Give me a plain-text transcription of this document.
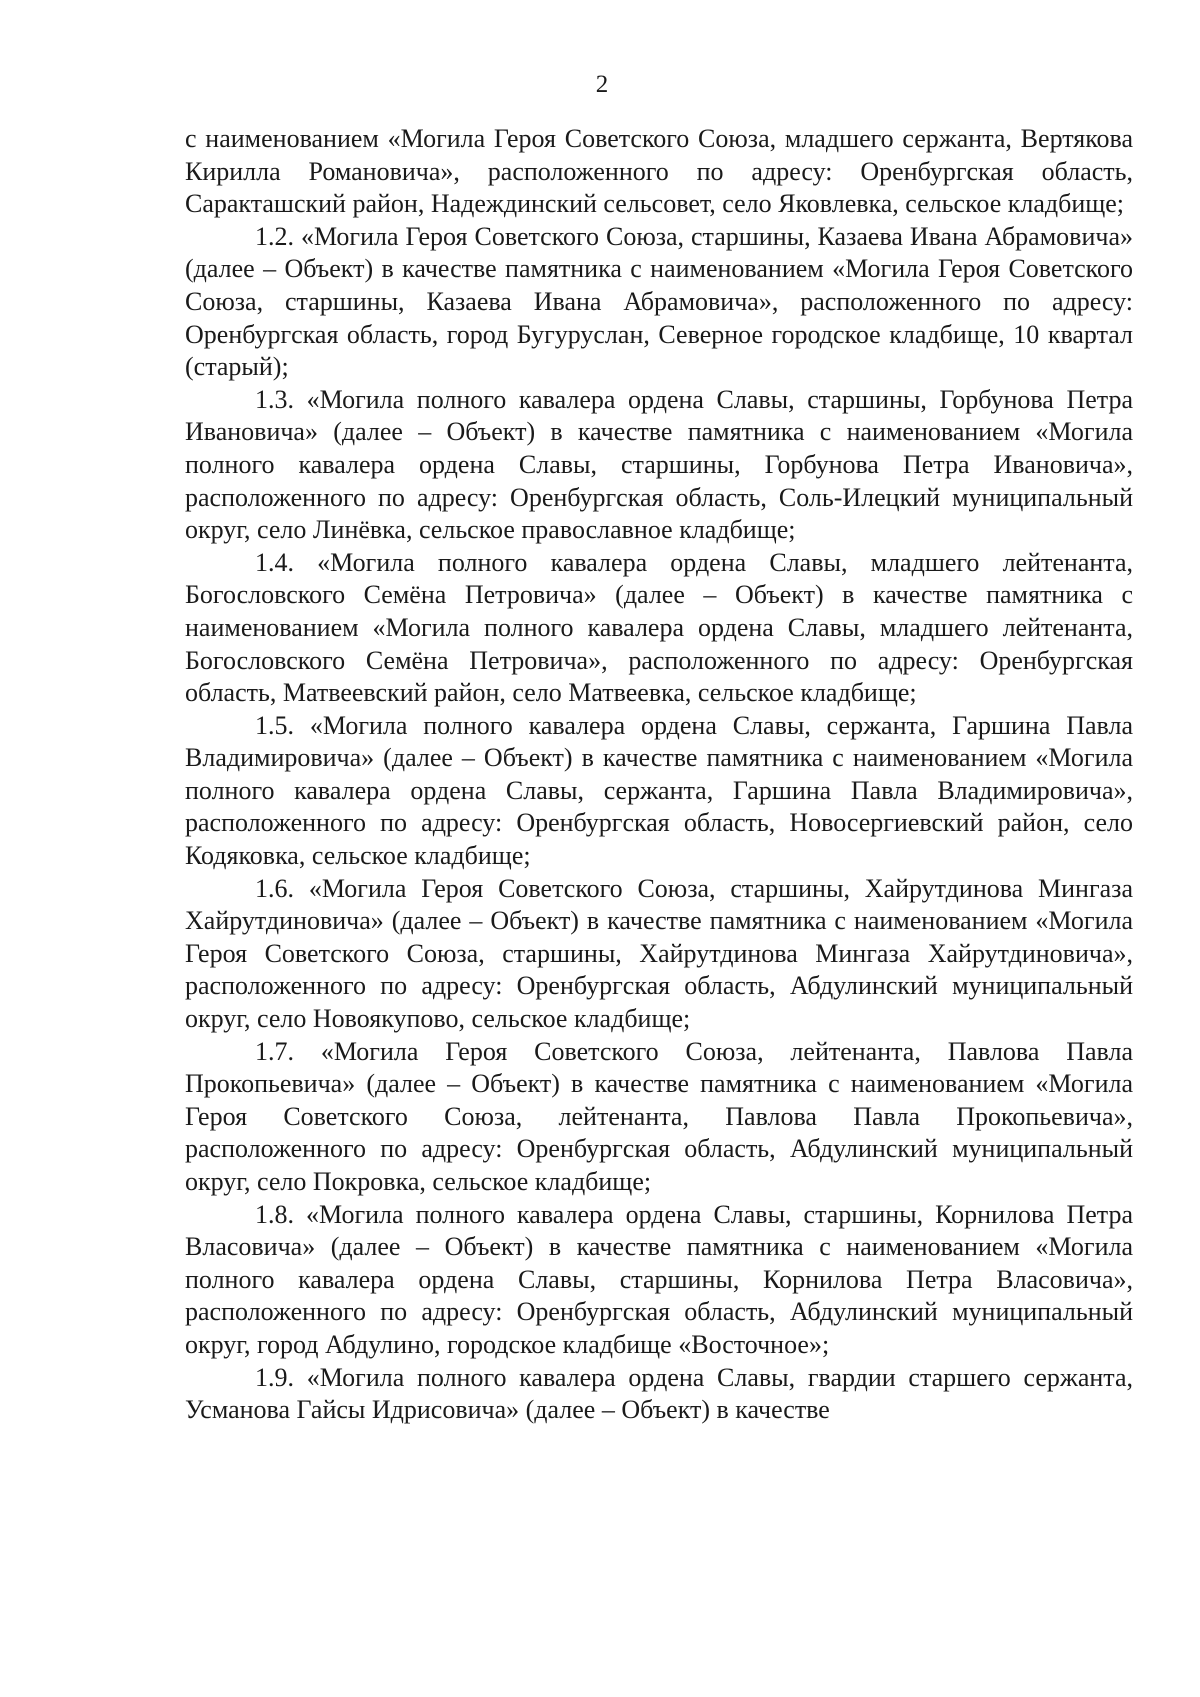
2

с наименованием «Могила Героя Советского Союза, младшего сержанта, Вертякова Кирилла Романовича», расположенного по адресу: Оренбургская область, Саракташский район, Надеждинский сельсовет, село Яковлевка, сельское кладбище;

1.2. «Могила Героя Советского Союза, старшины, Казаева Ивана Абрамовича» (далее – Объект) в качестве памятника с наименованием «Могила Героя Советского Союза, старшины, Казаева Ивана Абрамовича», расположенного по адресу: Оренбургская область, город Бугуруслан, Северное городское кладбище, 10 квартал (старый);

1.3. «Могила полного кавалера ордена Славы, старшины, Горбунова Петра Ивановича» (далее – Объект) в качестве памятника с наименованием «Могила полного кавалера ордена Славы, старшины, Горбунова Петра Ивановича», расположенного по адресу: Оренбургская область, Соль-Илецкий муниципальный округ, село Линёвка, сельское православное кладбище;

1.4. «Могила полного кавалера ордена Славы, младшего лейтенанта, Богословского Семёна Петровича» (далее – Объект) в качестве памятника с наименованием «Могила полного кавалера ордена Славы, младшего лейтенанта, Богословского Семёна Петровича», расположенного по адресу: Оренбургская область, Матвеевский район, село Матвеевка, сельское кладбище;

1.5. «Могила полного кавалера ордена Славы, сержанта, Гаршина Павла Владимировича» (далее – Объект) в качестве памятника с наименованием «Могила полного кавалера ордена Славы, сержанта, Гаршина Павла Владимировича», расположенного по адресу: Оренбургская область, Новосергиевский район, село Кодяковка, сельское кладбище;

1.6. «Могила Героя Советского Союза, старшины, Хайрутдинова Мингаза Хайрутдиновича» (далее – Объект) в качестве памятника с наименованием «Могила Героя Советского Союза, старшины, Хайрутдинова Мингаза Хайрутдиновича», расположенного по адресу: Оренбургская область, Абдулинский муниципальный округ, село Новоякупово, сельское кладбище;

1.7. «Могила Героя Советского Союза, лейтенанта, Павлова Павла Прокопьевича» (далее – Объект) в качестве памятника с наименованием «Могила Героя Советского Союза, лейтенанта, Павлова Павла Прокопьевича», расположенного по адресу: Оренбургская область, Абдулинский муниципальный округ, село Покровка, сельское кладбище;

1.8. «Могила полного кавалера ордена Славы, старшины, Корнилова Петра Власовича» (далее – Объект) в качестве памятника с наименованием «Могила полного кавалера ордена Славы, старшины, Корнилова Петра Власовича», расположенного по адресу: Оренбургская область, Абдулинский муниципальный округ, город Абдулино, городское кладбище «Восточное»;

1.9. «Могила полного кавалера ордена Славы, гвардии старшего сержанта, Усманова Гайсы Идрисовича» (далее – Объект) в качестве
